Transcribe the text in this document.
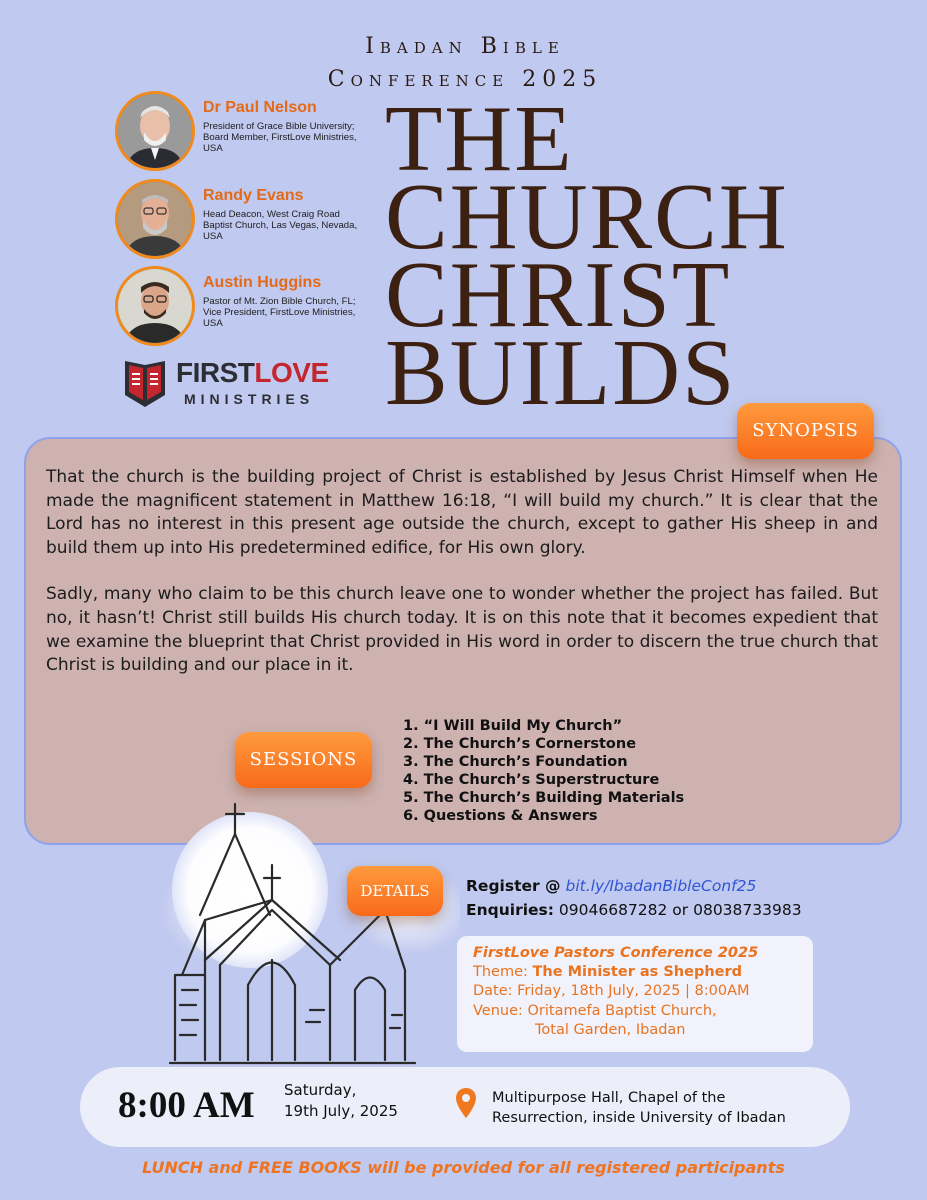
Ibadan Bible
Conference 2025
THE
CHURCH
CHRIST
BUILDS
Dr Paul Nelson
President of Grace Bible University; Board Member, FirstLove Ministries, USA
Randy Evans
Head Deacon, West Craig Road Baptist Church, Las Vegas, Nevada, USA
Austin Huggins
Pastor of Mt. Zion Bible Church, FL; Vice President, FirstLove Ministries, USA
FIRSTLOVE
MINISTRIES
SYNOPSIS

That the church is the building project of Christ is established by Jesus Christ Himself when He made the magnificent statement in Matthew 16:18, “I will build my church.” It is clear that the Lord has no interest in this present age outside the church, except to gather His sheep in and build them up into His predetermined edifice, for His own glory.

Sadly, many who claim to be this church leave one to wonder whether the project has failed. But no, it hasn’t! Christ still builds His church today. It is on this note that it becomes expedient that we examine the blueprint that Christ provided in His word in order to discern the true church that Christ is building and our place in it.

SESSIONS
1. “I Will Build My Church”
2. The Church’s Cornerstone
3. The Church’s Foundation
4. The Church’s Superstructure
5. The Church’s Building Materials
6. Questions & Answers
DETAILS	Register @ bit.ly/IbadanBibleConf25
Enquiries: 09046687282 or 08038733983
FirstLove Pastors Conference 2025
Theme: The Minister as Shepherd
Date: Friday, 18th July, 2025 | 8:00AM
Venue: Oritamefa Baptist Church,
Total Garden, Ibadan
8:00 AM Saturday,
19th July, 2025
Multipurpose Hall, Chapel of the
Resurrection, inside University of Ibadan
LUNCH and FREE BOOKS will be provided for all registered participants
